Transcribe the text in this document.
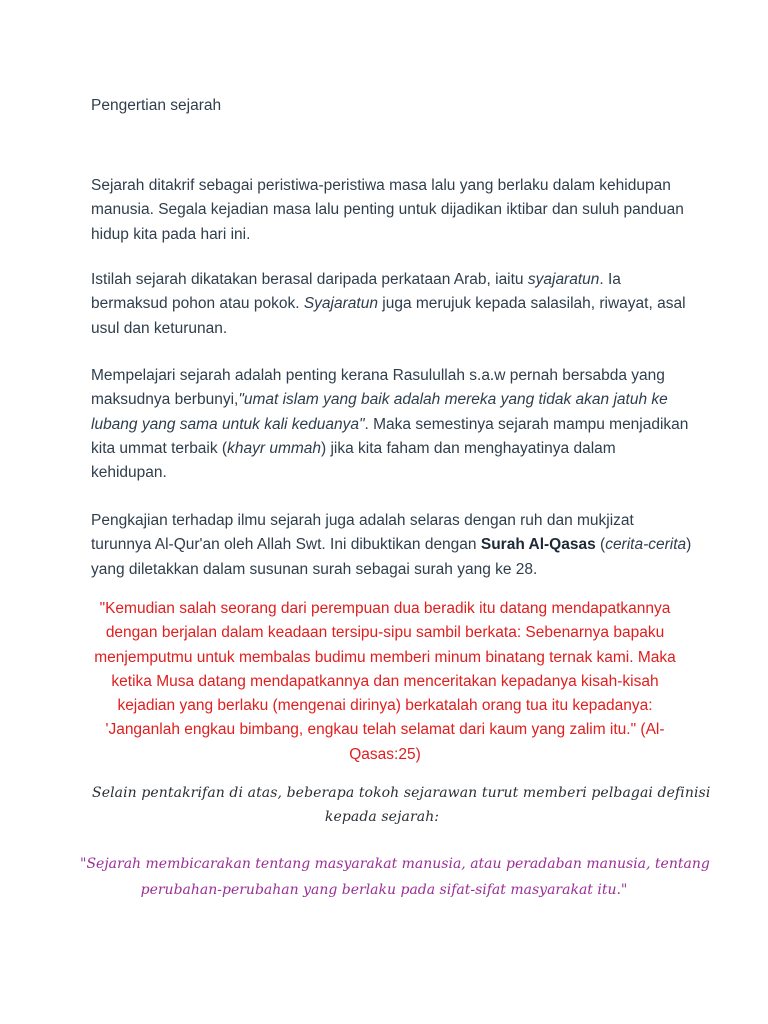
Pengertian sejarah
Sejarah ditakrif sebagai peristiwa-peristiwa masa lalu yang berlaku dalam kehidupan
manusia. Segala kejadian masa lalu penting untuk dijadikan iktibar dan suluh panduan
hidup kita pada hari ini.
Istilah sejarah dikatakan berasal daripada perkataan Arab, iaitu syajaratun. Ia
bermaksud pohon atau pokok. Syajaratun juga merujuk kepada salasilah, riwayat, asal
usul dan keturunan.
Mempelajari sejarah adalah penting kerana Rasulullah s.a.w pernah bersabda yang
maksudnya berbunyi,"umat islam yang baik adalah mereka yang tidak akan jatuh ke
lubang yang sama untuk kali keduanya". Maka semestinya sejarah mampu menjadikan
kita ummat terbaik (khayr ummah) jika kita faham dan menghayatinya dalam
kehidupan.
Pengkajian terhadap ilmu sejarah juga adalah selaras dengan ruh dan mukjizat
turunnya Al-Qur'an oleh Allah Swt. Ini dibuktikan dengan Surah Al-Qasas (cerita-cerita)
yang diletakkan dalam susunan surah sebagai surah yang ke 28.
"Kemudian salah seorang dari perempuan dua beradik itu datang mendapatkannya
dengan berjalan dalam keadaan tersipu-sipu sambil berkata: Sebenarnya bapaku
menjemputmu untuk membalas budimu memberi minum binatang ternak kami. Maka
ketika Musa datang mendapatkannya dan menceritakan kepadanya kisah-kisah
kejadian yang berlaku (mengenai dirinya) berkatalah orang tua itu kepadanya:
'Janganlah engkau bimbang, engkau telah selamat dari kaum yang zalim itu." (Al-
Qasas:25)
Selain pentakrifan di atas, beberapa tokoh sejarawan turut memberi pelbagai definisi
kepada sejarah:
"Sejarah membicarakan tentang masyarakat manusia, atau peradaban manusia, tentang
perubahan-perubahan yang berlaku pada sifat-sifat masyarakat itu."
